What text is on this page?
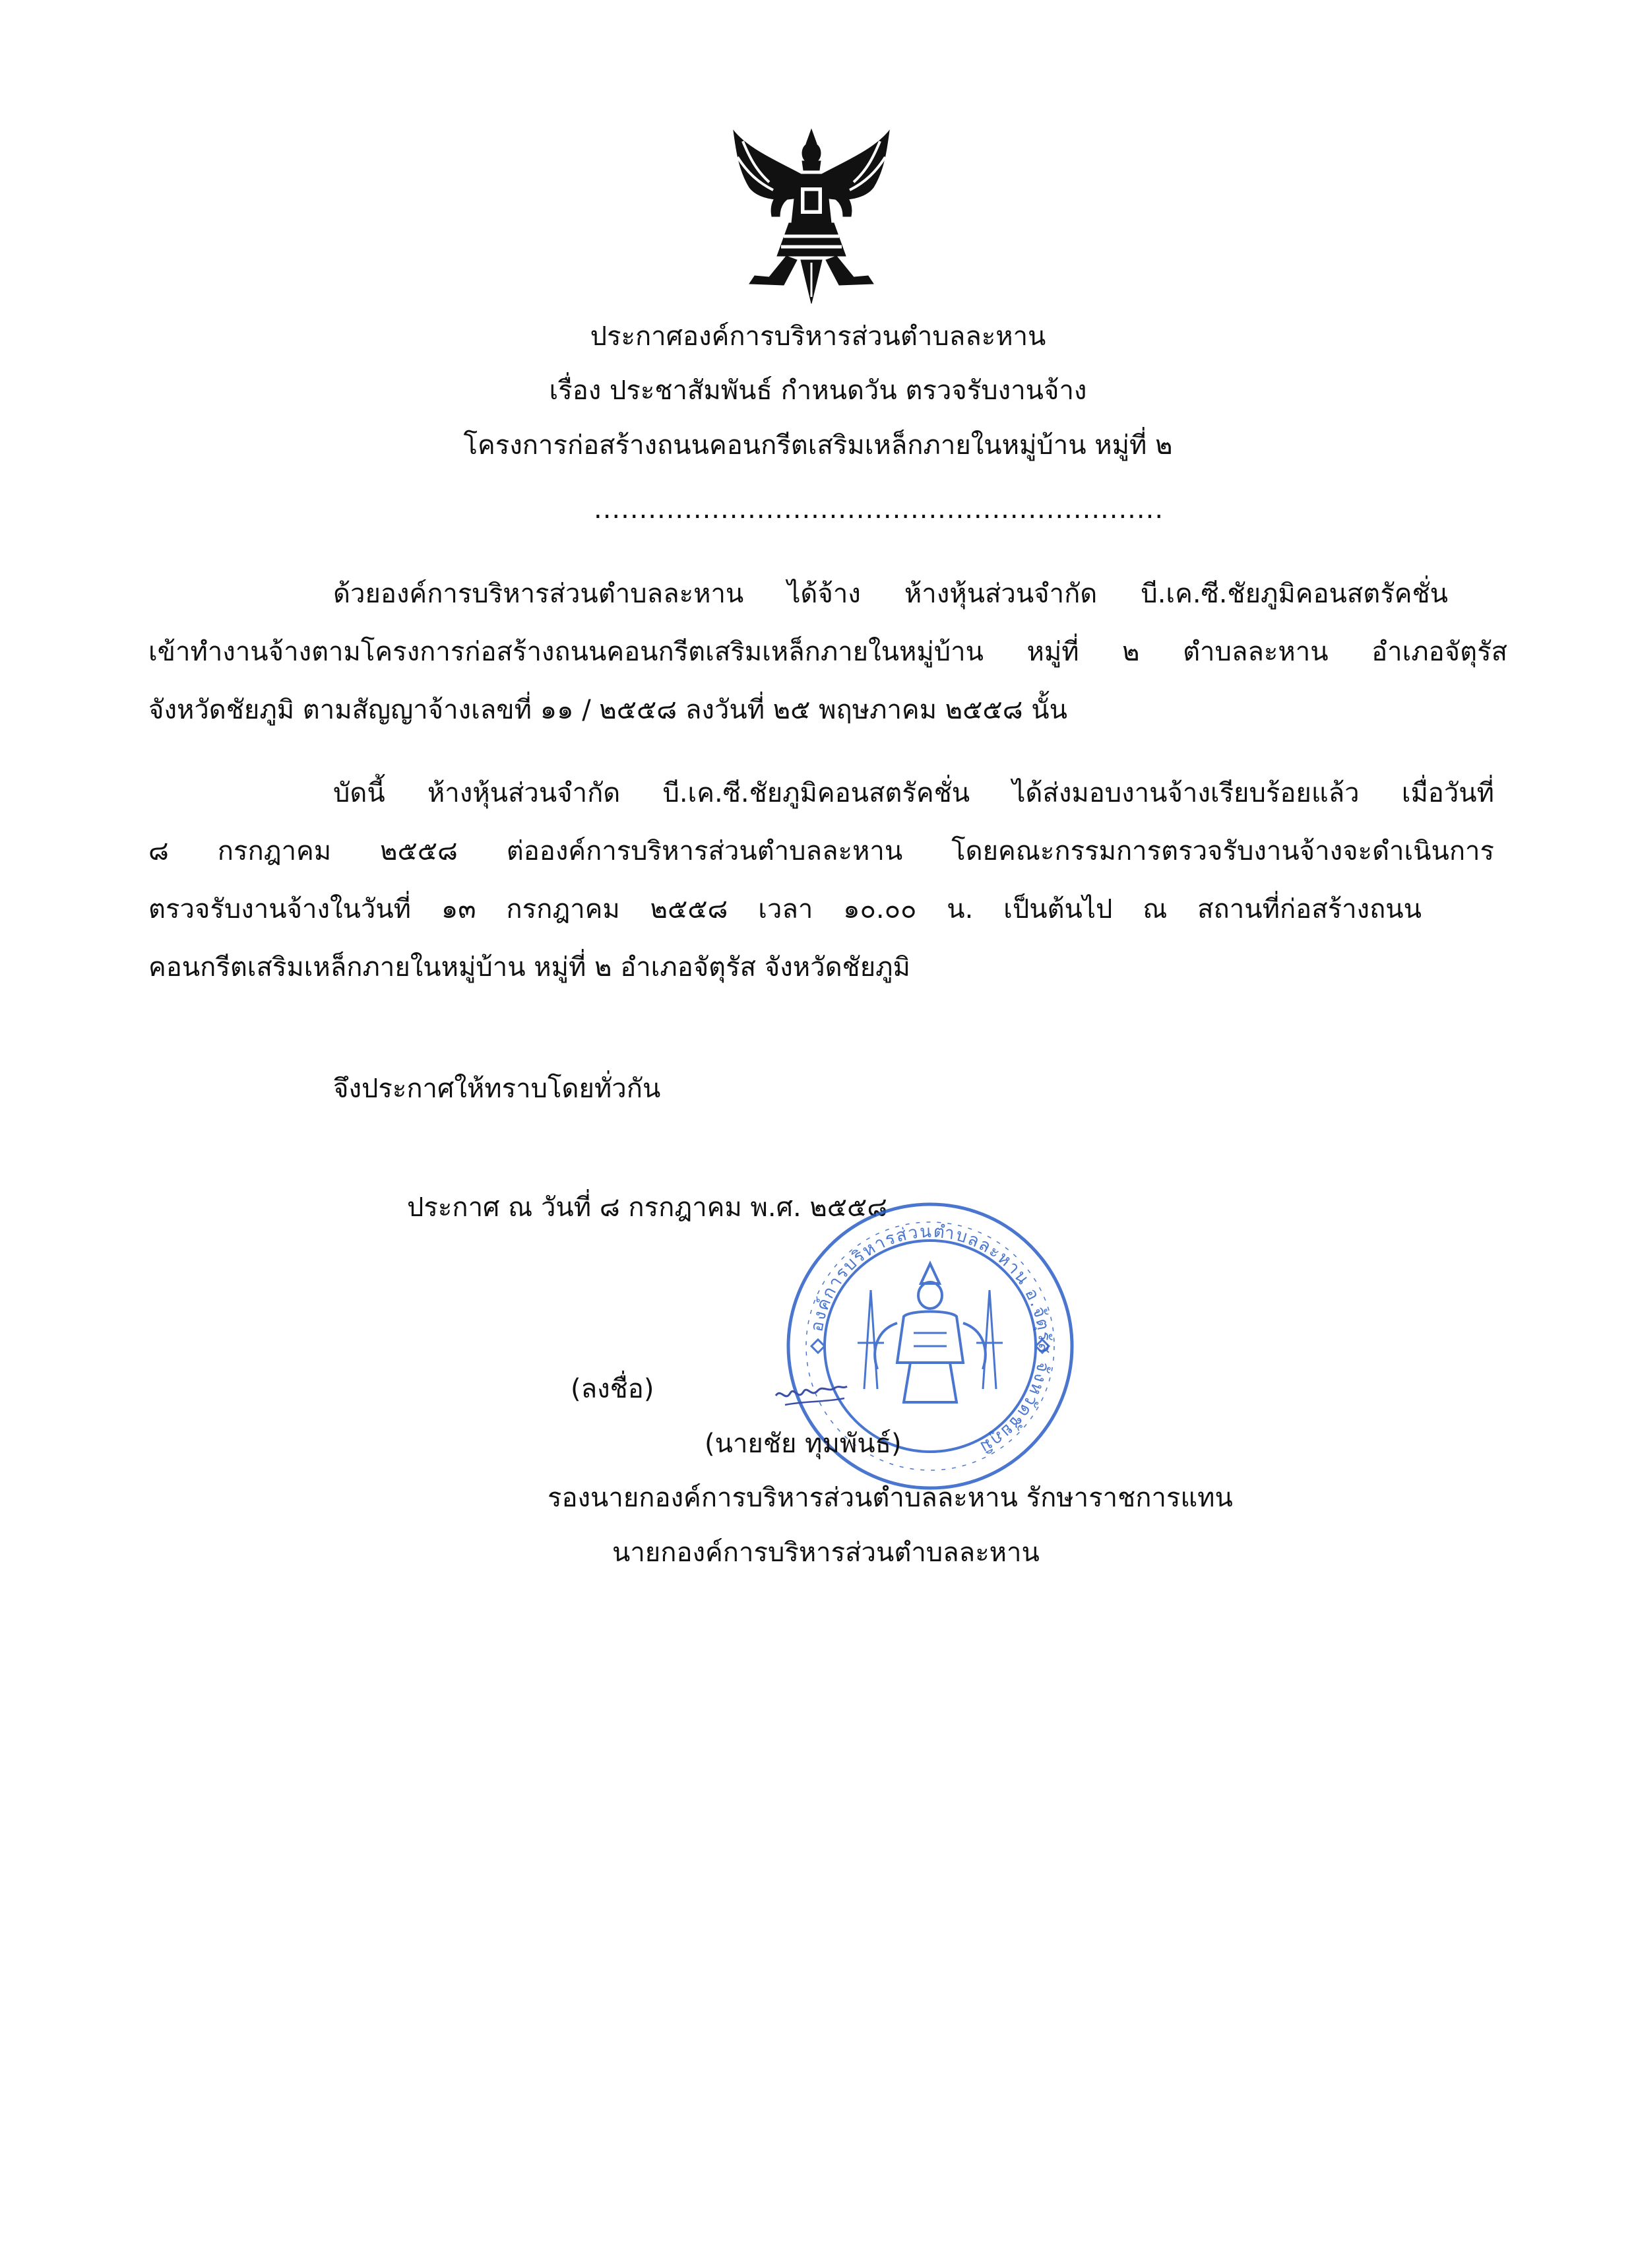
ประกาศองค์การบริหารส่วนตำบลละหาน
เรื่อง ประชาสัมพันธ์ กำหนดวัน ตรวจรับงานจ้าง
โครงการก่อสร้างถนนคอนกรีตเสริมเหล็กภายในหมู่บ้าน หมู่ที่ ๒
...............................................................
ด้วยองค์การบริหารส่วนตำบลละหาน ได้จ้าง ห้างหุ้นส่วนจำกัด บี.เค.ซี.ชัยภูมิคอนสตรัคชั่น
เข้าทำงานจ้างตามโครงการก่อสร้างถนนคอนกรีตเสริมเหล็กภายในหมู่บ้าน หมู่ที่ ๒ ตำบลละหาน อำเภอจัตุรัส
จังหวัดชัยภูมิ ตามสัญญาจ้างเลขที่ ๑๑ / ๒๕๕๘ ลงวันที่ ๒๕ พฤษภาคม ๒๕๕๘ นั้น
บัดนี้ ห้างหุ้นส่วนจำกัด บี.เค.ซี.ชัยภูมิคอนสตรัคชั่น ได้ส่งมอบงานจ้างเรียบร้อยแล้ว เมื่อวันที่
๘ กรกฎาคม ๒๕๕๘ ต่อองค์การบริหารส่วนตำบลละหาน โดยคณะกรรมการตรวจรับงานจ้างจะดำเนินการ
ตรวจรับงานจ้างในวันที่ ๑๓ กรกฎาคม ๒๕๕๘ เวลา ๑๐.๐๐ น. เป็นต้นไป ณ สถานที่ก่อสร้างถนน
คอนกรีตเสริมเหล็กภายในหมู่บ้าน หมู่ที่ ๒ อำเภอจัตุรัส จังหวัดชัยภูมิ
จึงประกาศให้ทราบโดยทั่วกัน
ประกาศ ณ วันที่ ๘ กรกฎาคม พ.ศ. ๒๕๕๘
องค์การบริหารส่วนตำบลละหาน อ.จัตุรัส จังหวัดชัยภูมิ
(ลงชื่อ)
(นายชัย ทุมพันธ์)
รองนายกองค์การบริหารส่วนตำบลละหาน รักษาราชการแทน
นายกองค์การบริหารส่วนตำบลละหาน
